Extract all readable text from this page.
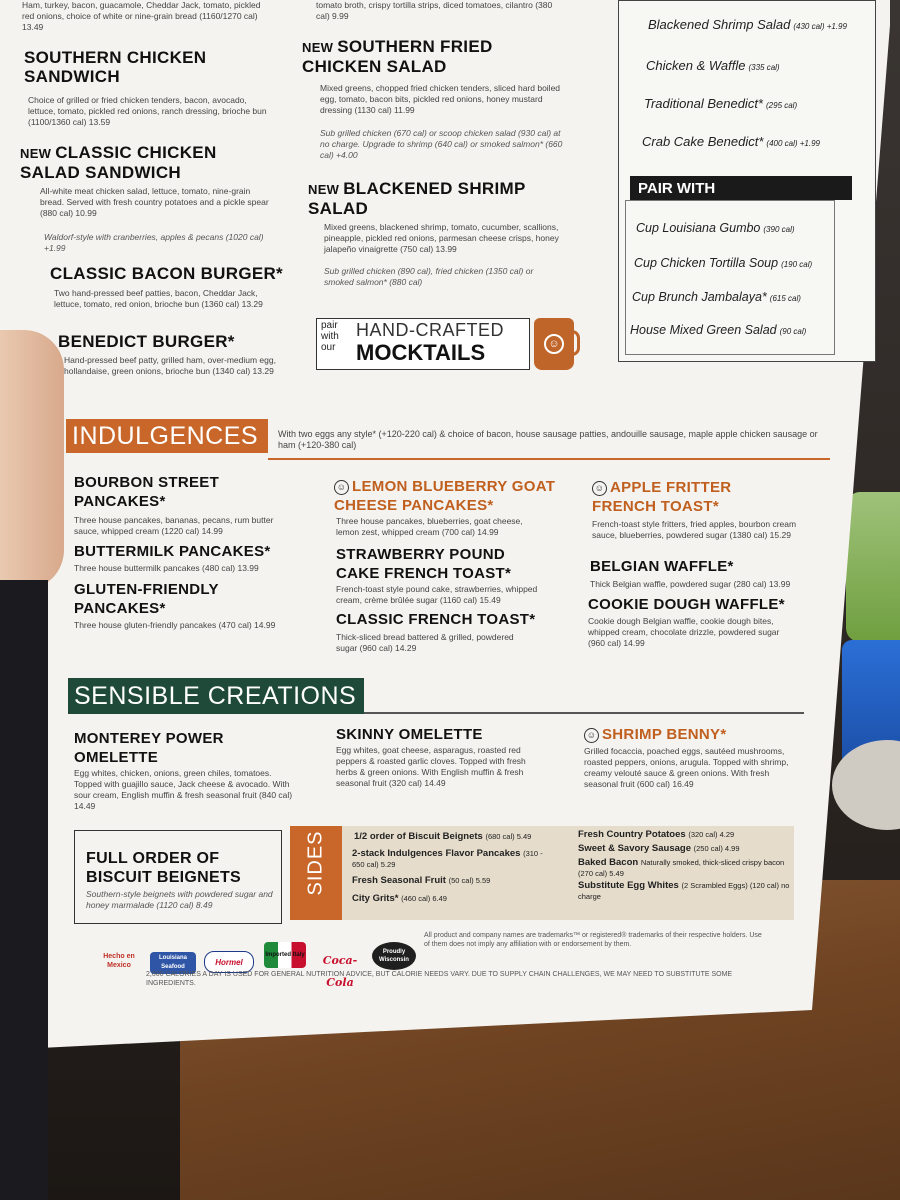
Ham, turkey, bacon, guacamole, Cheddar Jack, tomato, pickled red onions, choice of white or nine-grain bread (1160/1270 cal) 13.49
SOUTHERN CHICKEN SANDWICH
Choice of grilled or fried chicken tenders, bacon, avocado, lettuce, tomato, pickled red onions, ranch dressing, brioche bun (1100/1360 cal) 13.59
NEW CLASSIC CHICKEN SALAD SANDWICH
All-white meat chicken salad, lettuce, tomato, nine-grain bread. Served with fresh country potatoes and a pickle spear (880 cal) 10.99
Waldorf-style with cranberries, apples & pecans (1020 cal) +1.99
CLASSIC BACON BURGER*
Two hand-pressed beef patties, bacon, Cheddar Jack, lettuce, tomato, red onion, brioche bun (1360 cal) 13.29
BENEDICT BURGER*
Hand-pressed beef patty, grilled ham, over-medium egg, hollandaise, green onions, brioche bun (1340 cal) 13.29
tomato broth, crispy tortilla strips, diced tomatoes, cilantro (380 cal) 9.99
NEW SOUTHERN FRIED CHICKEN SALAD
Mixed greens, chopped fried chicken tenders, sliced hard boiled egg, tomato, bacon bits, pickled red onions, honey mustard dressing (1130 cal) 11.99
Sub grilled chicken (670 cal) or scoop chicken salad (930 cal) at no charge. Upgrade to shrimp (640 cal) or smoked salmon* (660 cal) +4.00
NEW BLACKENED SHRIMP SALAD
Mixed greens, blackened shrimp, tomato, cucumber, scallions, pineapple, pickled red onions, parmesan cheese crisps, honey jalapeño vinaigrette (750 cal) 13.99
Sub grilled chicken (890 cal), fried chicken (1350 cal) or smoked salmon* (880 cal)
pair with our
HAND-CRAFTED
MOCKTAILS	☺
Blackened Shrimp Salad (430 cal) +1.99
Chicken & Waffle (335 cal)
Traditional Benedict* (295 cal)
Crab Cake Benedict* (400 cal) +1.99
PAIR WITH
Cup Louisiana Gumbo (390 cal)
Cup Chicken Tortilla Soup (190 cal)
Cup Brunch Jambalaya* (615 cal)
House Mixed Green Salad (90 cal)
INDULGENCES	With two eggs any style* (+120-220 cal) & choice of bacon, house sausage patties, andouille sausage, maple apple chicken sausage or ham (+120-380 cal)
BOURBON STREET PANCAKES*
Three house pancakes, bananas, pecans, rum butter sauce, whipped cream (1220 cal) 14.99
BUTTERMILK PANCAKES*
Three house buttermilk pancakes (480 cal) 13.99
GLUTEN-FRIENDLY PANCAKES*
Three house gluten-friendly pancakes (470 cal) 14.99
☺ LEMON BLUEBERRY GOAT CHEESE PANCAKES*
Three house pancakes, blueberries, goat cheese, lemon zest, whipped cream (700 cal) 14.99
STRAWBERRY POUND CAKE FRENCH TOAST*
French-toast style pound cake, strawberries, whipped cream, crème brûlée sugar (1160 cal) 15.49
CLASSIC FRENCH TOAST*
Thick-sliced bread battered & grilled, powdered sugar (960 cal) 14.29
☺ APPLE FRITTER FRENCH TOAST*
French-toast style fritters, fried apples, bourbon cream sauce, blueberries, powdered sugar (1380 cal) 15.29
BELGIAN WAFFLE*
Thick Belgian waffle, powdered sugar (280 cal) 13.99
COOKIE DOUGH WAFFLE*
Cookie dough Belgian waffle, cookie dough bites, whipped cream, chocolate drizzle, powdered sugar (960 cal) 14.99
SENSIBLE CREATIONS
MONTEREY POWER OMELETTE
Egg whites, chicken, onions, green chiles, tomatoes. Topped with guajillo sauce, Jack cheese & avocado. With sour cream, English muffin & fresh seasonal fruit (840 cal) 14.49
SKINNY OMELETTE
Egg whites, goat cheese, asparagus, roasted red peppers & roasted garlic cloves. Topped with fresh herbs & green onions. With English muffin & fresh seasonal fruit (320 cal) 14.49
☺ SHRIMP BENNY*
Grilled focaccia, poached eggs, sautéed mushrooms, roasted peppers, onions, arugula. Topped with shrimp, creamy velouté sauce & green onions. With fresh seasonal fruit (600 cal) 16.49
FULL ORDER OF BISCUIT BEIGNETS
Southern-style beignets with powdered sugar and honey marmalade (1120 cal) 8.49
SIDES	1/2 order of Biscuit Beignets (680 cal) 5.49
2-stack Indulgences Flavor Pancakes (310 - 650 cal) 5.29
Fresh Seasonal Fruit (50 cal) 5.59
City Grits* (460 cal) 6.49
Fresh Country Potatoes (320 cal) 4.29
Sweet & Savory Sausage (250 cal) 4.99
Baked Bacon Naturally smoked, thick-sliced crispy bacon (270 cal) 5.49
Substitute Egg Whites (2 Scrambled Eggs) (120 cal) no charge
Hecho en Mexico
Louisiana Seafood	Hormel
Imported Italy	Coca-Cola
Proudly Wisconsin
All product and company names are trademarks™ or registered® trademarks of their respective holders. Use of them does not imply any affiliation with or endorsement by them.
2,000 CALORIES A DAY IS USED FOR GENERAL NUTRITION ADVICE, BUT CALORIE NEEDS VARY. DUE TO SUPPLY CHAIN CHALLENGES, WE MAY NEED TO SUBSTITUTE SOME INGREDIENTS.
